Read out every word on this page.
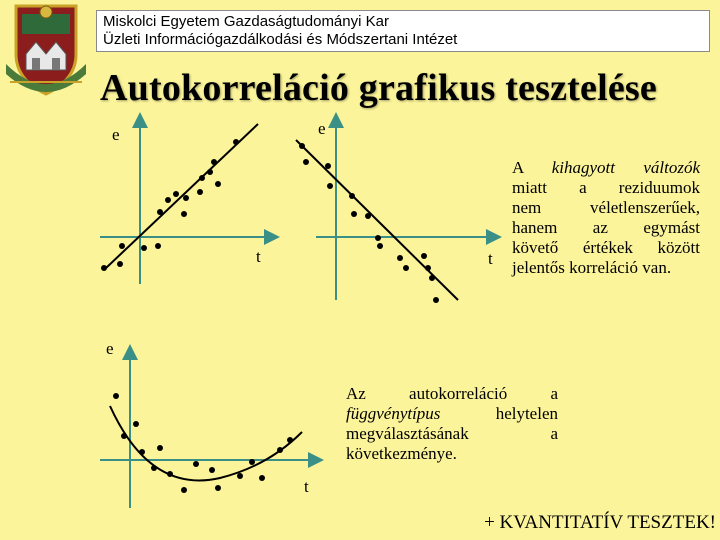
Miskolci Egyetem Gazdaságtudományi Kar
Üzleti Információgazdálkodási és Módszertani Intézet
Autokorreláció grafikus tesztelése
e
t
e
t
e
t
A kihagyott változók
miatt a reziduumok
nem véletlenszerűek,
hanem az egymást
követő értékek között
jelentős korreláció van.
Az autokorreláció a
függvénytípus helytelen
megválasztásának a
következménye.
+ KVANTITATÍV TESZTEK!
